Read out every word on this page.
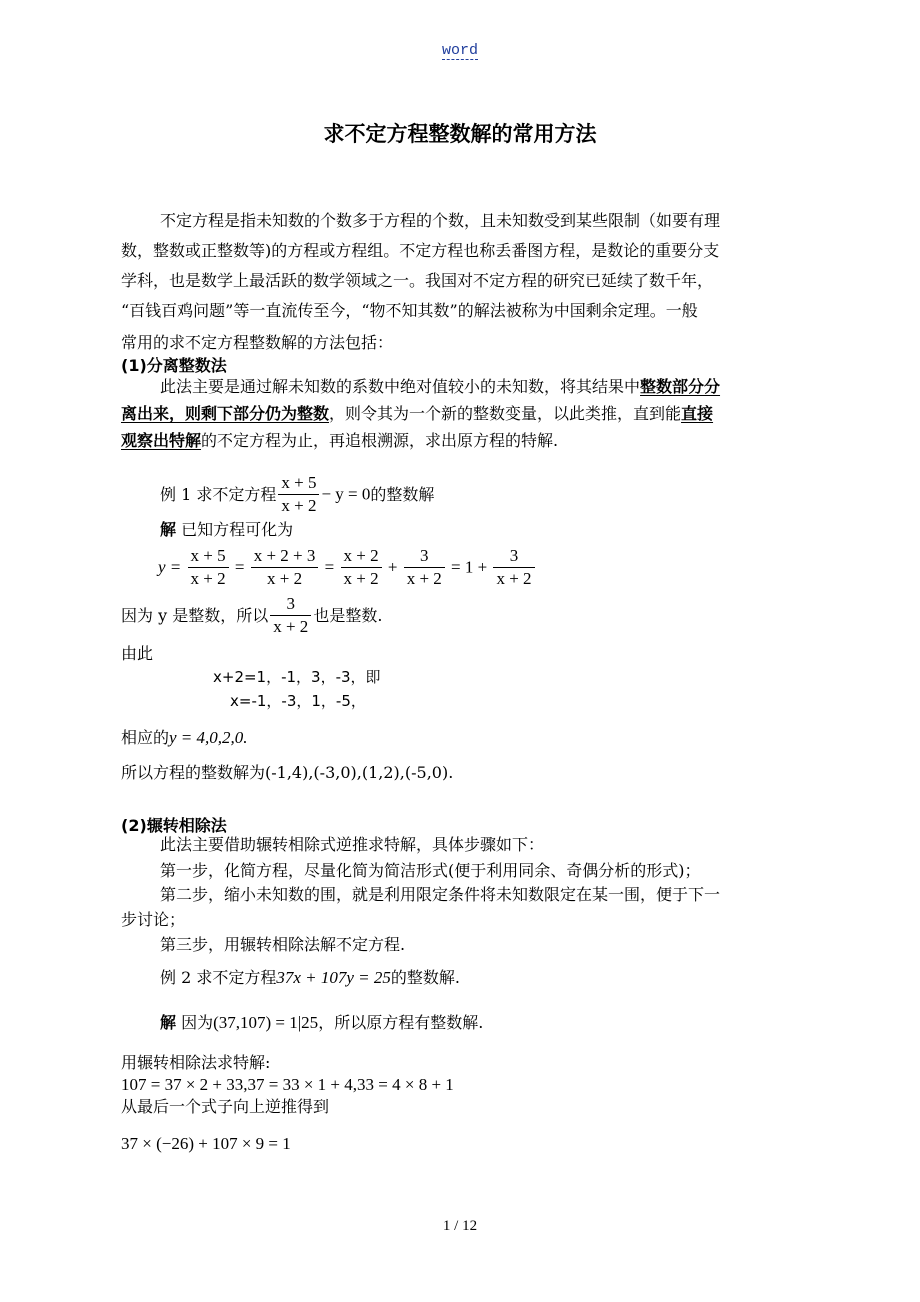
word
求不定方程整数解的常用方法
不定方程是指未知数的个数多于方程的个数，且未知数受到某些限制（如要有理
数，整数或正整数等)的方程或方程组。不定方程也称丢番图方程，是数论的重要分支
学科，也是数学上最活跃的数学领域之一。我国对不定方程的研究已延续了数千年，
“百钱百鸡问题”等一直流传至今，“物不知其数”的解法被称为中国剩余定理。一般
常用的求不定方程整数解的方法包括：
(1)分离整数法
此法主要是通过解未知数的系数中绝对值较小的未知数，将其结果中整数部分分
离出来，则剩下部分仍为整数，则令其为一个新的整数变量，以此类推，直到能直接
观察出特解的不定方程为止，再追根溯源，求出原方程的特解.
例 1 求不定方程 $\frac{x + 5}{x + 2} - y = 0$的整数解
解 已知方程可化为
$y = \frac{x + 5}{x + 2} = \frac{x + 2 + 3}{x + 2} = \frac{x + 2}{x + 2} + \frac{3}{x + 2} = 1 + \frac{3}{x + 2}$
因为 y 是整数，所以 $\frac{3}{x + 2}$ 也是整数.
由此
x+2=1，-1，3，-3，即
x=-1，-3，1，-5，
相应的y = 4,0,2,0.
所以方程的整数解为(-1,4),(-3,0),(1,2),(-5,0).
(2)辗转相除法
此法主要借助辗转相除式逆推求特解，具体步骤如下：
第一步，化简方程，尽量化简为简洁形式(便于利用同余、奇偶分析的形式)；
第二步，缩小未知数的围，就是利用限定条件将未知数限定在某一围，便于下一
步讨论；
第三步，用辗转相除法解不定方程.
例 2 求不定方程37x + 107y = 25的整数解.
解 因为(37,107) = 1|25，所以原方程有整数解.
用辗转相除法求特解:
107 = 37 × 2 + 33,37 = 33 × 1 + 4,33 = 4 × 8 + 1
从最后一个式子向上逆推得到
37 × (−26) + 107 × 9 = 1
1 / 12
